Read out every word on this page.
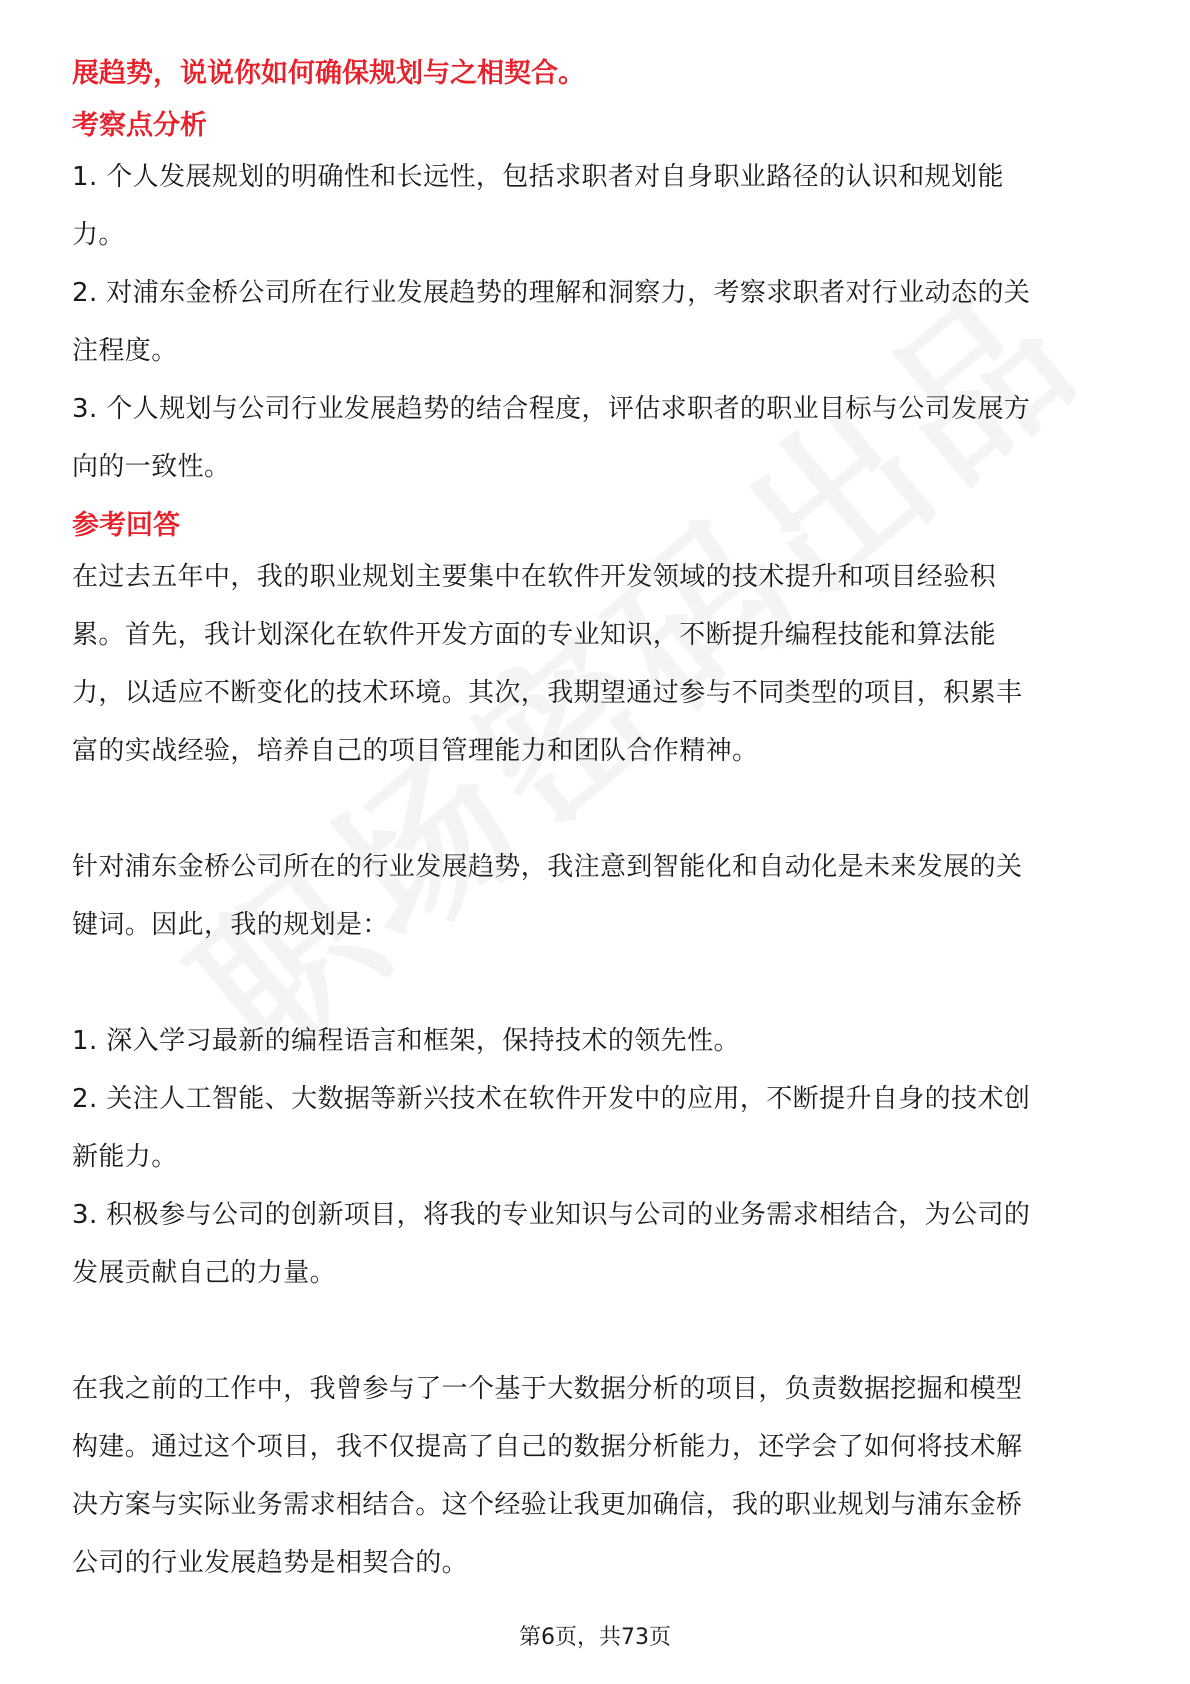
展趋势，说说你如何确保规划与之相契合。
考察点分析

1. 个人发展规划的明确性和长远性，包括求职者对自身职业路径的认识和规划能

力。

2. 对浦东金桥公司所在行业发展趋势的理解和洞察力，考察求职者对行业动态的关

注程度。

3. 个人规划与公司行业发展趋势的结合程度，评估求职者的职业目标与公司发展方

向的一致性。

参考回答

在过去五年中，我的职业规划主要集中在软件开发领域的技术提升和项目经验积

累。首先，我计划深化在软件开发方面的专业知识，不断提升编程技能和算法能

力，以适应不断变化的技术环境。其次，我期望通过参与不同类型的项目，积累丰

富的实战经验，培养自己的项目管理能力和团队合作精神。

针对浦东金桥公司所在的行业发展趋势，我注意到智能化和自动化是未来发展的关

键词。因此，我的规划是：

1. 深入学习最新的编程语言和框架，保持技术的领先性。

2. 关注人工智能、大数据等新兴技术在软件开发中的应用，不断提升自身的技术创

新能力。

3. 积极参与公司的创新项目，将我的专业知识与公司的业务需求相结合，为公司的

发展贡献自己的力量。

在我之前的工作中，我曾参与了一个基于大数据分析的项目，负责数据挖掘和模型

构建。通过这个项目，我不仅提高了自己的数据分析能力，还学会了如何将技术解

决方案与实际业务需求相结合。这个经验让我更加确信，我的职业规划与浦东金桥

公司的行业发展趋势是相契合的。

第6页，共73页
